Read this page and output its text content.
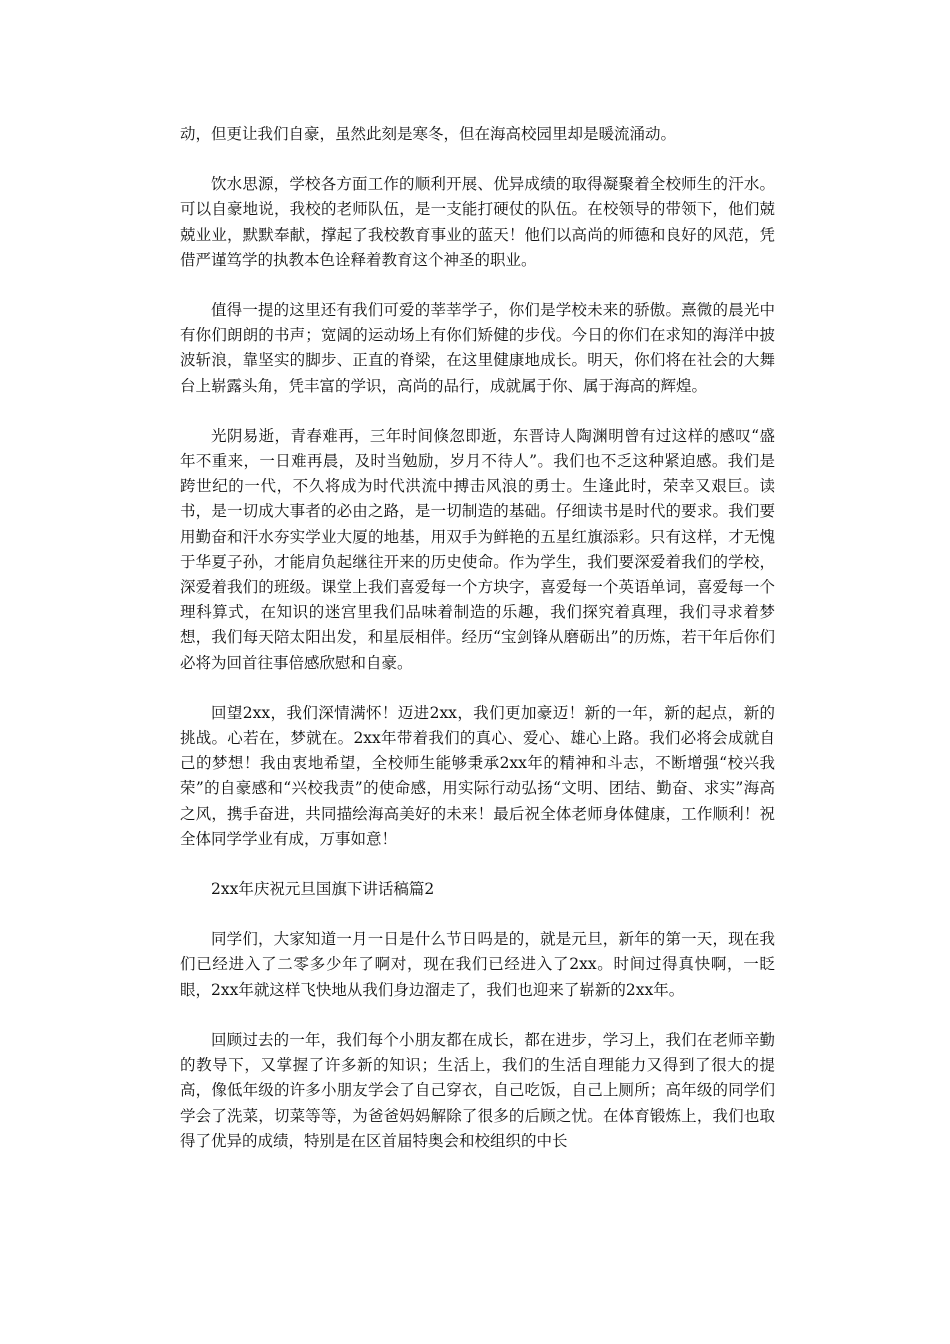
动，但更让我们自豪，虽然此刻是寒冬，但在海高校园里却是暖流涌动。

饮水思源，学校各方面工作的顺利开展、优异成绩的取得凝聚着全校师生的汗水。可以自豪地说，我校的老师队伍，是一支能打硬仗的队伍。在校领导的带领下，他们兢兢业业，默默奉献，撑起了我校教育事业的蓝天！他们以高尚的师德和良好的风范，凭借严谨笃学的执教本色诠释着教育这个神圣的职业。

值得一提的这里还有我们可爱的莘莘学子，你们是学校未来的骄傲。熹微的晨光中有你们朗朗的书声；宽阔的运动场上有你们矫健的步伐。今日的你们在求知的海洋中披波斩浪，靠坚实的脚步、正直的脊梁，在这里健康地成长。明天，你们将在社会的大舞台上崭露头角，凭丰富的学识，高尚的品行，成就属于你、属于海高的辉煌。

光阴易逝，青春难再，三年时间倏忽即逝，东晋诗人陶渊明曾有过这样的感叹“盛年不重来，一日难再晨，及时当勉励，岁月不待人”。我们也不乏这种紧迫感。我们是跨世纪的一代，不久将成为时代洪流中搏击风浪的勇士。生逢此时，荣幸又艰巨。读书，是一切成大事者的必由之路，是一切制造的基础。仔细读书是时代的要求。我们要用勤奋和汗水夯实学业大厦的地基，用双手为鲜艳的五星红旗添彩。只有这样，才无愧于华夏子孙，才能肩负起继往开来的历史使命。作为学生，我们要深爱着我们的学校，深爱着我们的班级。课堂上我们喜爱每一个方块字，喜爱每一个英语单词，喜爱每一个理科算式，在知识的迷宫里我们品味着制造的乐趣，我们探究着真理，我们寻求着梦想，我们每天陪太阳出发，和星辰相伴。经历“宝剑锋从磨砺出”的历炼，若干年后你们必将为回首往事倍感欣慰和自豪。

回望2xx，我们深情满怀！迈进2xx，我们更加豪迈！新的一年，新的起点，新的挑战。心若在，梦就在。2xx年带着我们的真心、爱心、雄心上路。我们必将会成就自己的梦想！我由衷地希望，全校师生能够秉承2xx年的精神和斗志，不断增强“校兴我荣”的自豪感和“兴校我责”的使命感，用实际行动弘扬“文明、团结、勤奋、求实”海高之风，携手奋进，共同描绘海高美好的未来！最后祝全体老师身体健康，工作顺利！祝全体同学学业有成，万事如意！

2xx年庆祝元旦国旗下讲话稿篇2

同学们，大家知道一月一日是什么节日吗是的，就是元旦，新年的第一天，现在我们已经进入了二零多少年了啊对，现在我们已经进入了2xx。时间过得真快啊，一眨眼，2xx年就这样飞快地从我们身边溜走了，我们也迎来了崭新的2xx年。

回顾过去的一年，我们每个小朋友都在成长，都在进步，学习上，我们在老师辛勤的教导下，又掌握了许多新的知识；生活上，我们的生活自理能力又得到了很大的提高，像低年级的许多小朋友学会了自己穿衣，自己吃饭，自己上厕所；高年级的同学们学会了洗菜，切菜等等，为爸爸妈妈解除了很多的后顾之忧。在体育锻炼上，我们也取得了优异的成绩，特别是在区首届特奥会和校组织的中长
